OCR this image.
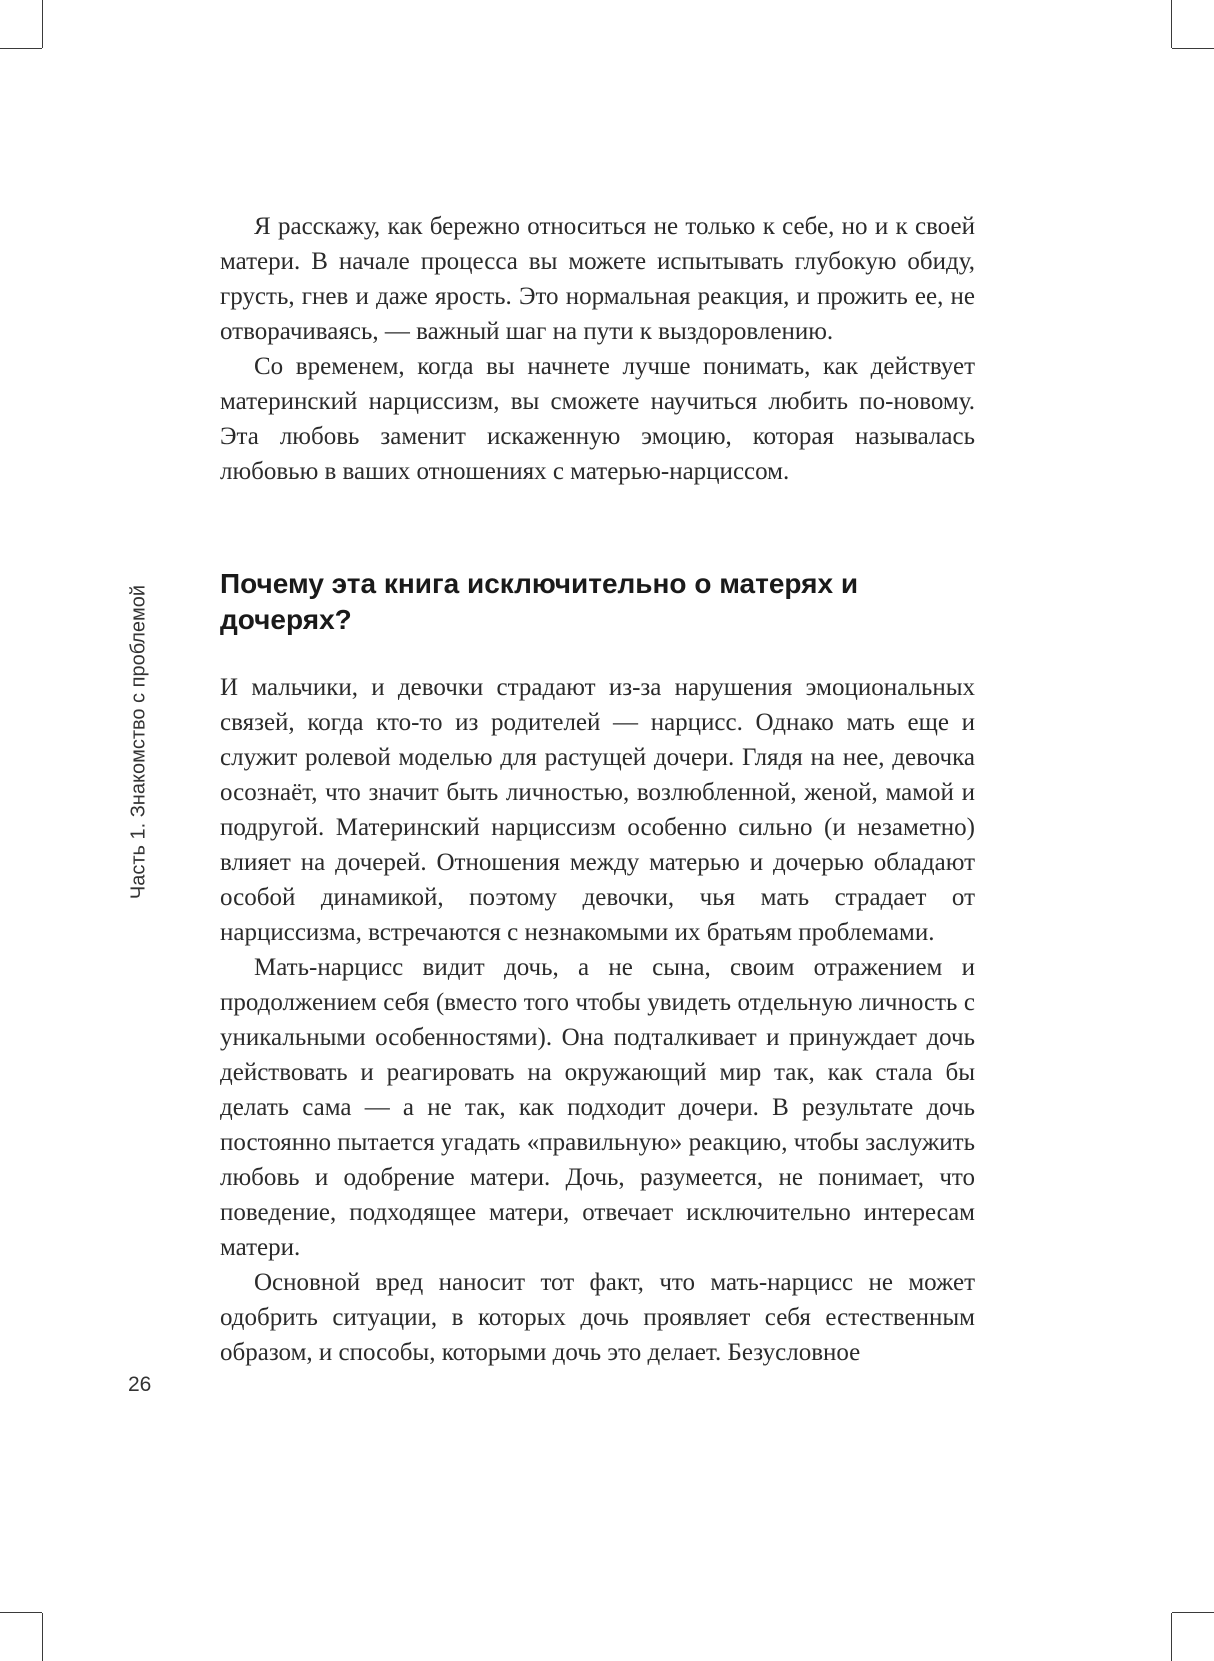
Часть 1. Знакомство с проблемой

Я расскажу, как бережно относиться не только к себе, но и к своей матери. В начале процесса вы можете испытывать глубокую обиду, грусть, гнев и даже ярость. Это нормальная реакция, и прожить ее, не отворачиваясь, — важный шаг на пути к выздоровлению.

Со временем, когда вы начнете лучше понимать, как действует материнский нарциссизм, вы сможете научиться любить по-новому. Эта любовь заменит искаженную эмоцию, которая называлась любовью в ваших отношениях с матерью-нарциссом.

Почему эта книга исключительно о матерях и дочерях?

И мальчики, и девочки страдают из-за нарушения эмоциональных связей, когда кто-то из родителей — нарцисс. Однако мать еще и служит ролевой моделью для растущей дочери. Глядя на нее, девочка осознаёт, что значит быть личностью, возлюбленной, женой, мамой и подругой. Материнский нарциссизм особенно сильно (и незаметно) влияет на дочерей. Отношения между матерью и дочерью обладают особой динамикой, поэтому девочки, чья мать страдает от нарциссизма, встречаются с незнакомыми их братьям проблемами.

Мать-нарцисс видит дочь, а не сына, своим отражением и продолжением себя (вместо того чтобы увидеть отдельную личность с уникальными особенностями). Она подталкивает и принуждает дочь действовать и реагировать на окружающий мир так, как стала бы делать сама — а не так, как подходит дочери. В результате дочь постоянно пытается угадать «правильную» реакцию, чтобы заслужить любовь и одобрение матери. Дочь, разумеется, не понимает, что поведение, подходящее матери, отвечает исключительно интересам матери.

Основной вред наносит тот факт, что мать-нарцисс не может одобрить ситуации, в которых дочь проявляет себя естественным образом, и способы, которыми дочь это делает. Безусловное

26
